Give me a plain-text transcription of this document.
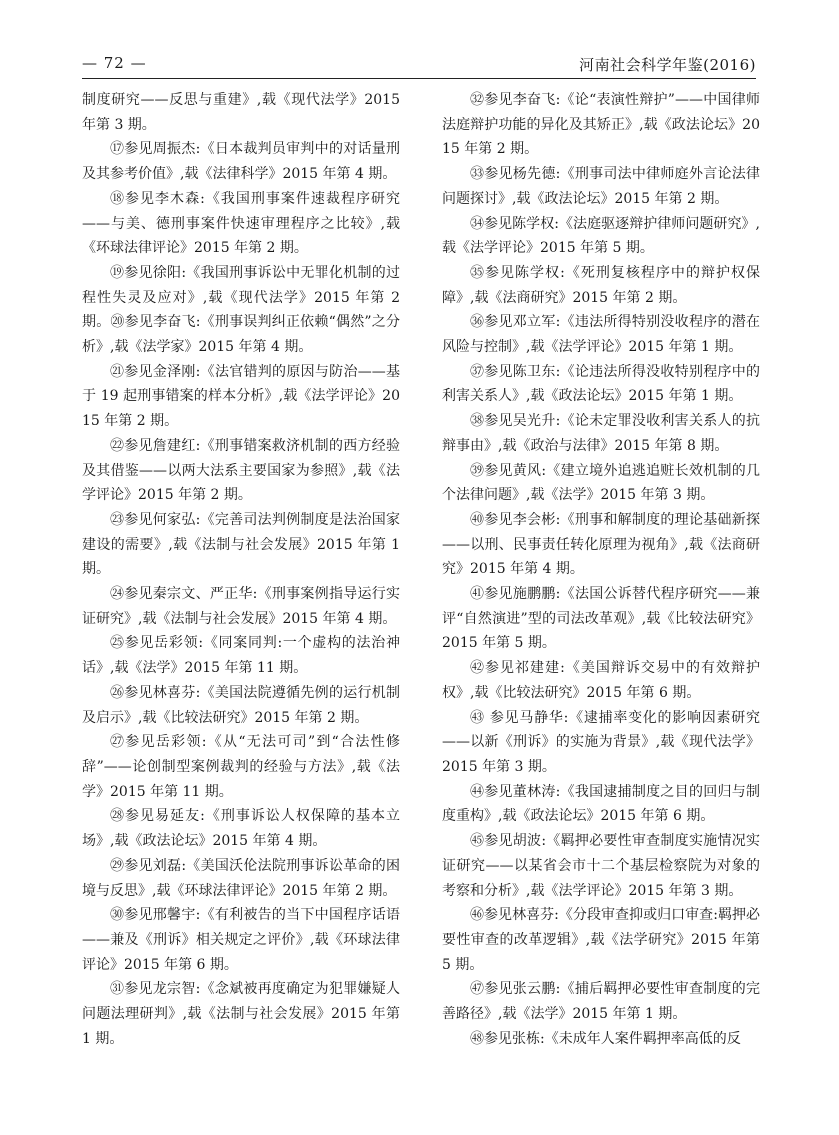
— 72 —	河南社会科学年鉴(2016)

制度研究——反思与重建》,载《现代法学》2015 年第 3 期。

⑰参见周振杰:《日本裁判员审判中的对话量刑及其参考价值》,载《法律科学》2015 年第 4 期。

⑱参见李木森:《我国刑事案件速裁程序研究——与美、德刑事案件快速审理程序之比较》,载《环球法律评论》2015 年第 2 期。

⑲参见徐阳:《我国刑事诉讼中无罪化机制的过程性失灵及应对》,载《现代法学》2015 年第 2 期。⑳参见李奋飞:《刑事误判纠正依赖“偶然”之分析》,载《法学家》2015 年第 4 期。

㉑参见金泽刚:《法官错判的原因与防治——基于 19 起刑事错案的样本分析》,载《法学评论》2015 年第 2 期。

㉒参见詹建红:《刑事错案救济机制的西方经验及其借鉴——以两大法系主要国家为参照》,载《法学评论》2015 年第 2 期。

㉓参见何家弘:《完善司法判例制度是法治国家建设的需要》,载《法制与社会发展》2015 年第 1 期。

㉔参见秦宗文、严正华:《刑事案例指导运行实证研究》,载《法制与社会发展》2015 年第 4 期。

㉕参见岳彩领:《同案同判:一个虚构的法治神话》,载《法学》2015 年第 11 期。

㉖参见林喜芬:《美国法院遵循先例的运行机制及启示》,载《比较法研究》2015 年第 2 期。

㉗参见岳彩领:《从“无法可司”到“合法性修辞”——论创制型案例裁判的经验与方法》,载《法学》2015 年第 11 期。

㉘参见易延友:《刑事诉讼人权保障的基本立场》,载《政法论坛》2015 年第 4 期。

㉙参见刘磊:《美国沃伦法院刑事诉讼革命的困境与反思》,载《环球法律评论》2015 年第 2 期。

㉚参见邢馨宇:《有利被告的当下中国程序话语——兼及《刑诉》相关规定之评价》,载《环球法律评论》2015 年第 6 期。

㉛参见龙宗智:《念斌被再度确定为犯罪嫌疑人问题法理研判》,载《法制与社会发展》2015 年第 1 期。

㉜参见李奋飞:《论“表演性辩护”——中国律师法庭辩护功能的异化及其矫正》,载《政法论坛》2015 年第 2 期。

㉝参见杨先德:《刑事司法中律师庭外言论法律问题探讨》,载《政法论坛》2015 年第 2 期。

㉞参见陈学权:《法庭驱逐辩护律师问题研究》,载《法学评论》2015 年第 5 期。

㉟参见陈学权:《死刑复核程序中的辩护权保障》,载《法商研究》2015 年第 2 期。

㊱参见邓立军:《违法所得特别没收程序的潜在风险与控制》,载《法学评论》2015 年第 1 期。

㊲参见陈卫东:《论违法所得没收特别程序中的利害关系人》,载《政法论坛》2015 年第 1 期。

㊳参见吴光升:《论未定罪没收利害关系人的抗辩事由》,载《政治与法律》2015 年第 8 期。

㊴参见黄风:《建立境外追逃追赃长效机制的几个法律问题》,载《法学》2015 年第 3 期。

㊵参见李会彬:《刑事和解制度的理论基础新探——以刑、民事责任转化原理为视角》,载《法商研究》2015 年第 4 期。

㊶参见施鹏鹏:《法国公诉替代程序研究——兼评“自然演进”型的司法改革观》,载《比较法研究》2015 年第 5 期。

㊷参见祁建建:《美国辩诉交易中的有效辩护权》,载《比较法研究》2015 年第 6 期。

㊸ 参见马静华:《逮捕率变化的影响因素研究——以新《刑诉》的实施为背景》,载《现代法学》2015 年第 3 期。

㊹参见董林涛:《我国逮捕制度之目的回归与制度重构》,载《政法论坛》2015 年第 6 期。

㊺参见胡波:《羁押必要性审查制度实施情况实证研究——以某省会市十二个基层检察院为对象的考察和分析》,载《法学评论》2015 年第 3 期。

㊻参见林喜芬:《分段审查抑或归口审查:羁押必要性审查的改革逻辑》,载《法学研究》2015 年第 5 期。

㊼参见张云鹏:《捕后羁押必要性审查制度的完善路径》,载《法学》2015 年第 1 期。

㊽参见张栋:《未成年人案件羁押率高低的反
